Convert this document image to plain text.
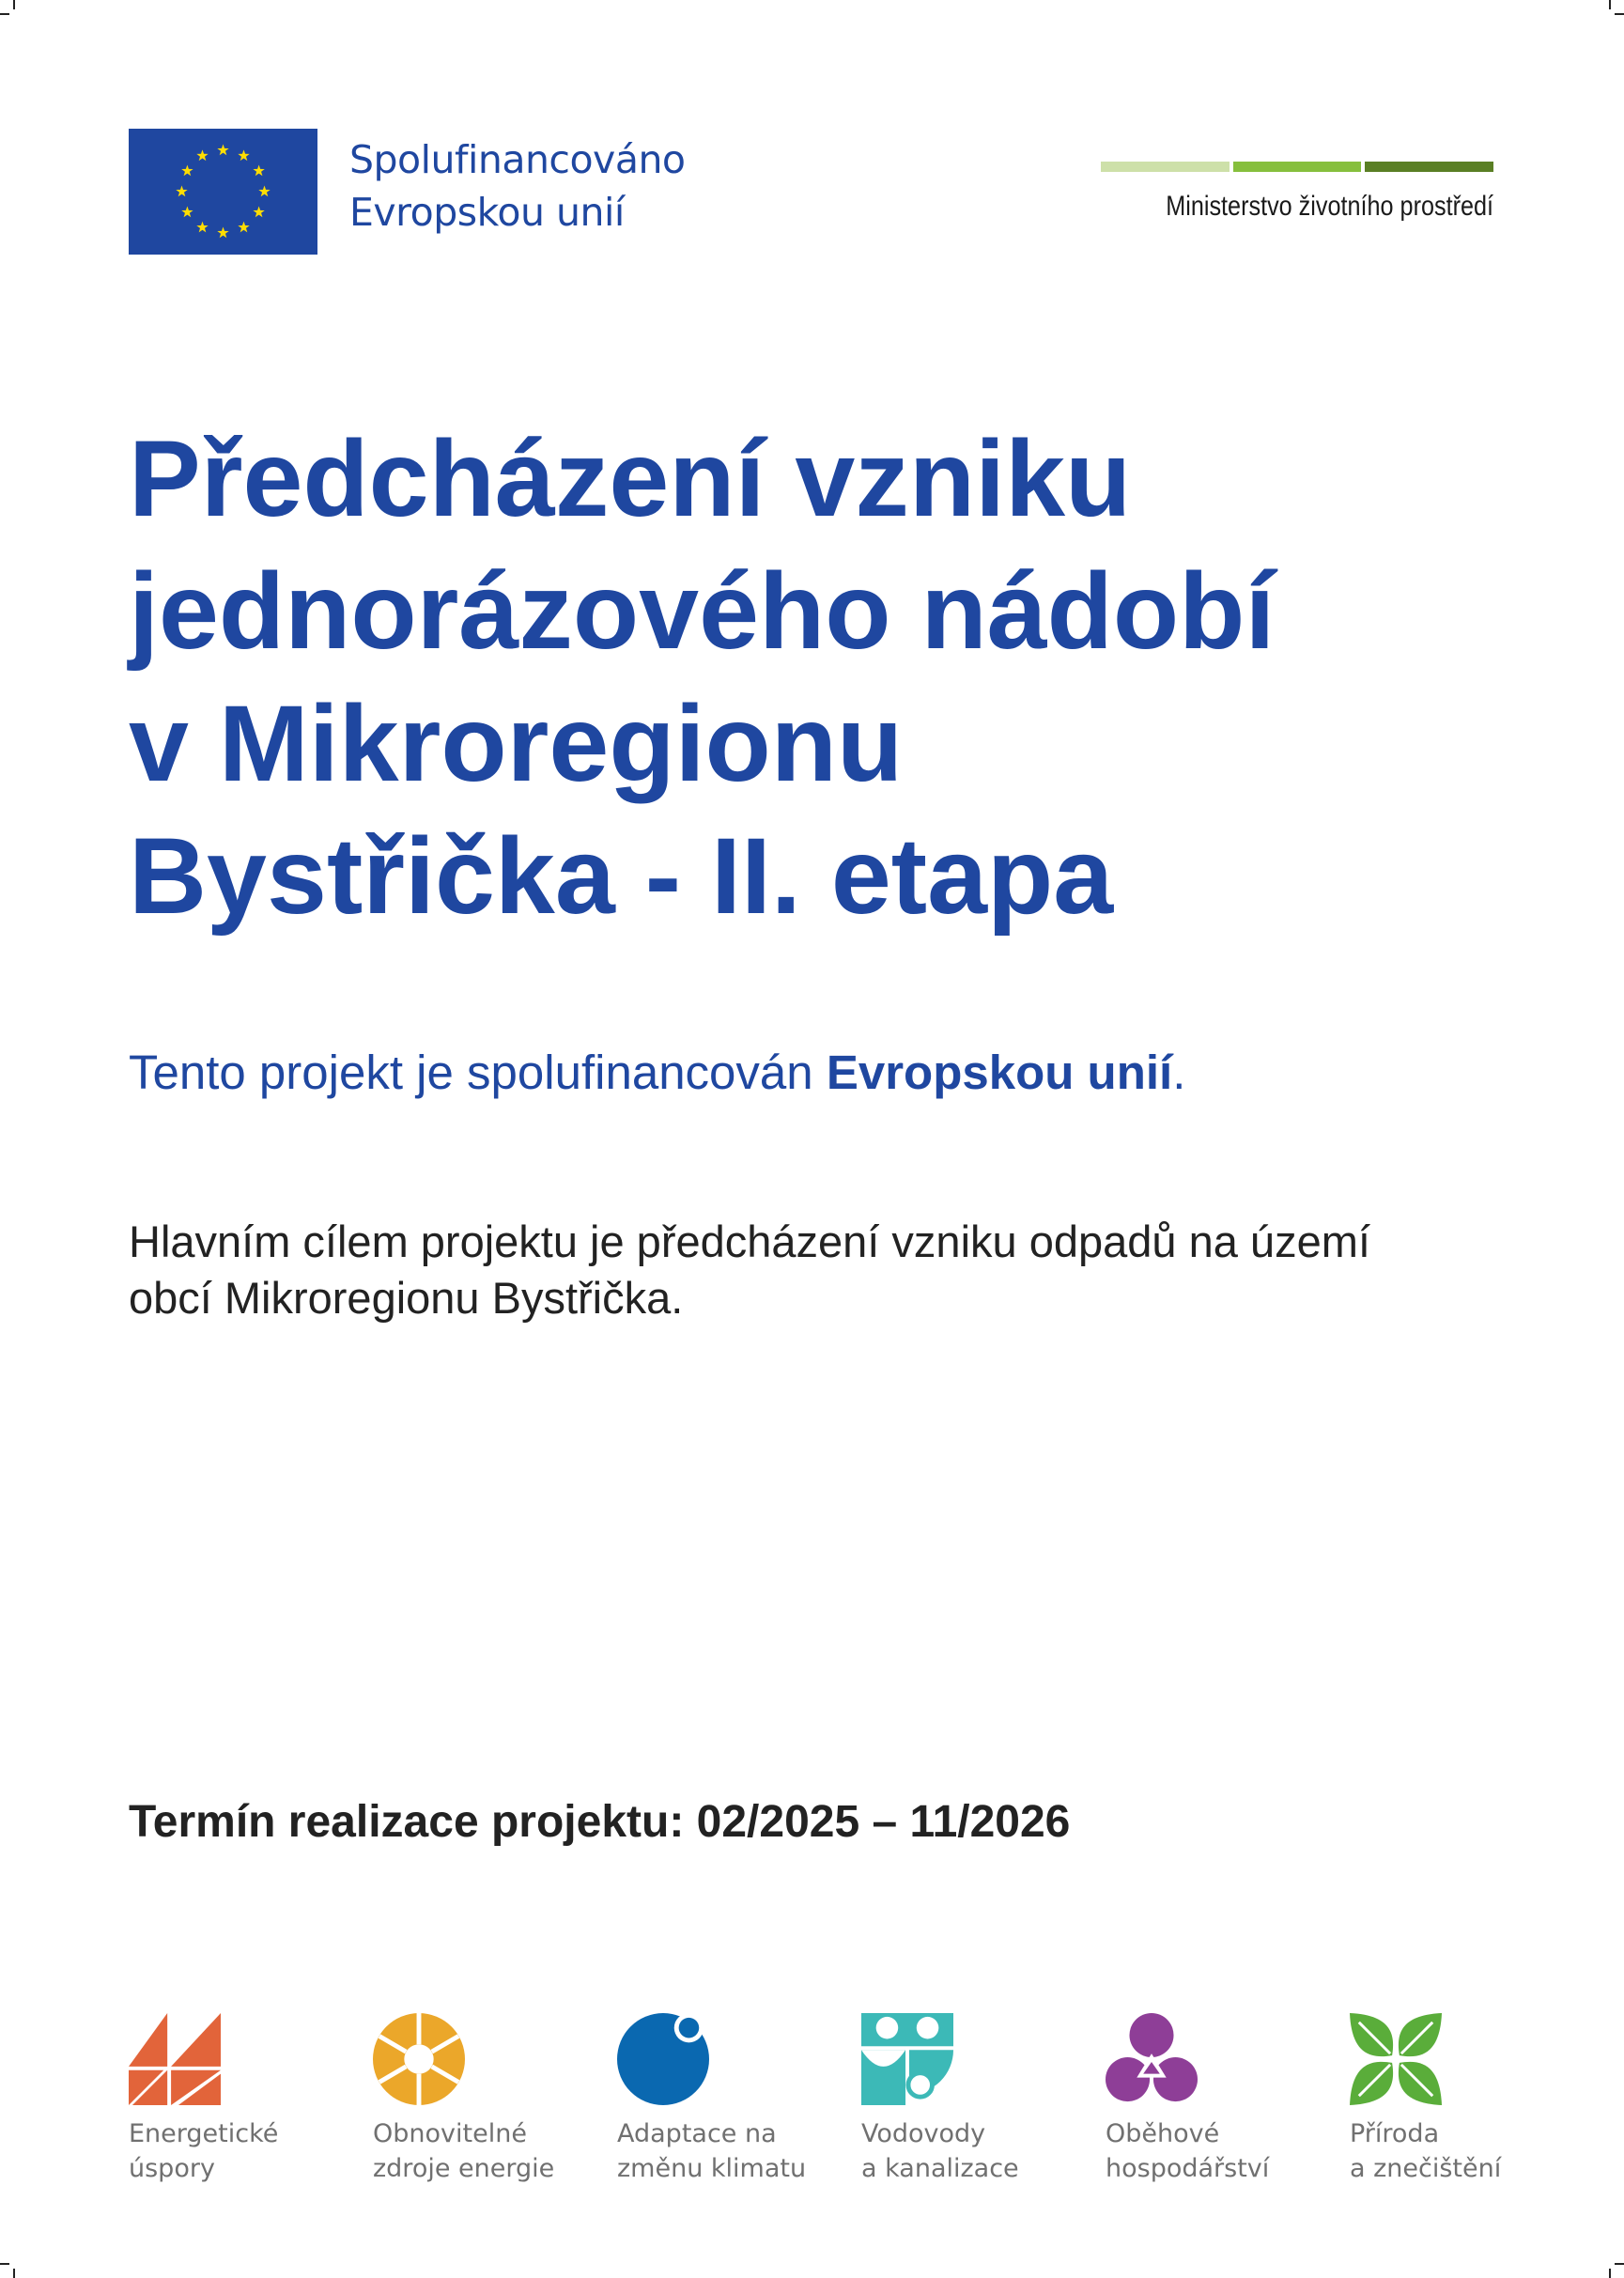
Spolufinancováno
Evropskou unií	Ministerstvo životního prostředí
Předcházení vzniku
jednorázového nádobí
v Mikroregionu
Bystřička - II. etapa
Tento projekt je spolufinancován Evropskou unií.
Hlavním cílem projektu je předcházení vzniku odpadů na území
obcí Mikroregionu Bystřička.
Termín realizace projektu: 02/2025 – 11/2026
Energetické
úspory
Obnovitelné
zdroje energie
Adaptace na
změnu klimatu
Vodovody
a kanalizace
Oběhové
hospodářství
Příroda
a znečištění
